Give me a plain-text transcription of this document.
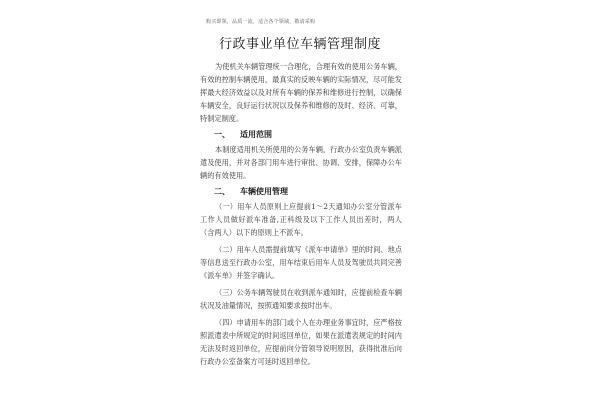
购买即领，品质一流，适合各个领域，敬请采购
行政事业单位车辆管理制度

为使机关车辆管理统一合理化，合理有效的使用公务车辆，有效的控制车辆使用，最真实的反映车辆的实际情况，尽可能发挥最大经济效益以及对所有车辆的保养和维修进行控制，以确保车辆安全，良好运行状况以及保养和维修的及时、经济、可靠，特制定制度。

一、 适用范围

本制度适用机关所使用的公务车辆，行政办公室负责车辆派遣及使用，并对各部门用车进行审批、协调、安排，保障办公车辆的有效使用。

二、 车辆使用管理

（一）用车人员原则上应提前1～2天通知办公室分管派车工作人员做好派车准备,正科级及以下工作人员出差时，两人（含两人）以下的原则上不派车。

（二）用车人员需提前填写《派车申请单》里的时间、地点等信息送至行政办公室，用车结束后用车人员及驾驶员共同完善《派车单》并签字确认。

（三）公务车辆驾驶员在收到派车通知时，应提前检查车辆状况及油量情况，按照通知要求按时出车。

（四）申请用车的部门或个人在办理业务事宜时，应严格按照派遣表中所规定的时间返回单位，如果在派遣表规定的时间内无法及时返回单位，应提前向分管领导说明原因，获得批准后向行政办公室备案方可延时返回单位。
